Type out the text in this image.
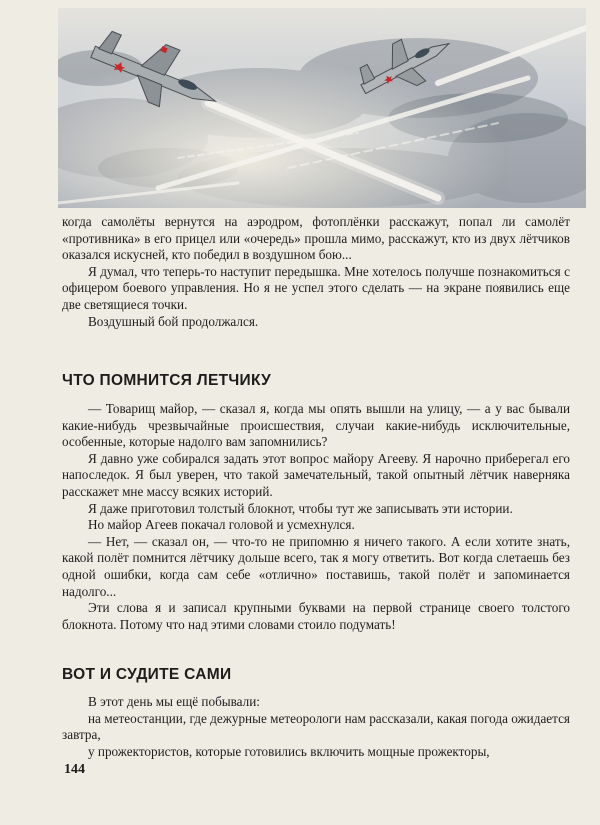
когда самолёты вернутся на аэродром, фотоплёнки расскажут, попал ли самолёт «противника» в его прицел или «очередь» прошла мимо, расскажут, кто из двух лётчиков оказался искусней, кто победил в воздушном бою...

Я думал, что теперь-то наступит передышка. Мне хотелось получше познакомиться с офицером боевого управления. Но я не успел этого сделать — на экране появились еще две светящиеся точки.

Воздушный бой продолжался.

ЧТО ПОМНИТСЯ ЛЕТЧИКУ

— Товарищ майор, — сказал я, когда мы опять вышли на улицу, — а у вас бывали какие-нибудь чрезвычайные происшествия, случаи какие-нибудь исключительные, особенные, которые надолго вам запомнились?

Я давно уже собирался задать этот вопрос майору Агееву. Я нарочно приберегал его напоследок. Я был уверен, что такой замечательный, такой опытный лётчик наверняка расскажет мне массу всяких историй.

Я даже приготовил толстый блокнот, чтобы тут же записывать эти истории.

Но майор Агеев покачал головой и усмехнулся.

— Нет, — сказал он, — что-то не припомню я ничего такого. А если хотите знать, какой полёт помнится лётчику дольше всего, так я могу ответить. Вот когда слетаешь без одной ошибки, когда сам себе «отлично» поставишь, такой полёт и запоминается надолго...

Эти слова я и записал крупными буквами на первой странице своего толстого блокнота. Потому что над этими словами стоило подумать!

ВОТ И СУДИТЕ САМИ

В этот день мы ещё побывали:

на метеостанции, где дежурные метеорологи нам рассказали, какая погода ожидается завтра,

у прожектористов, которые готовились включить мощные прожекторы,

144
